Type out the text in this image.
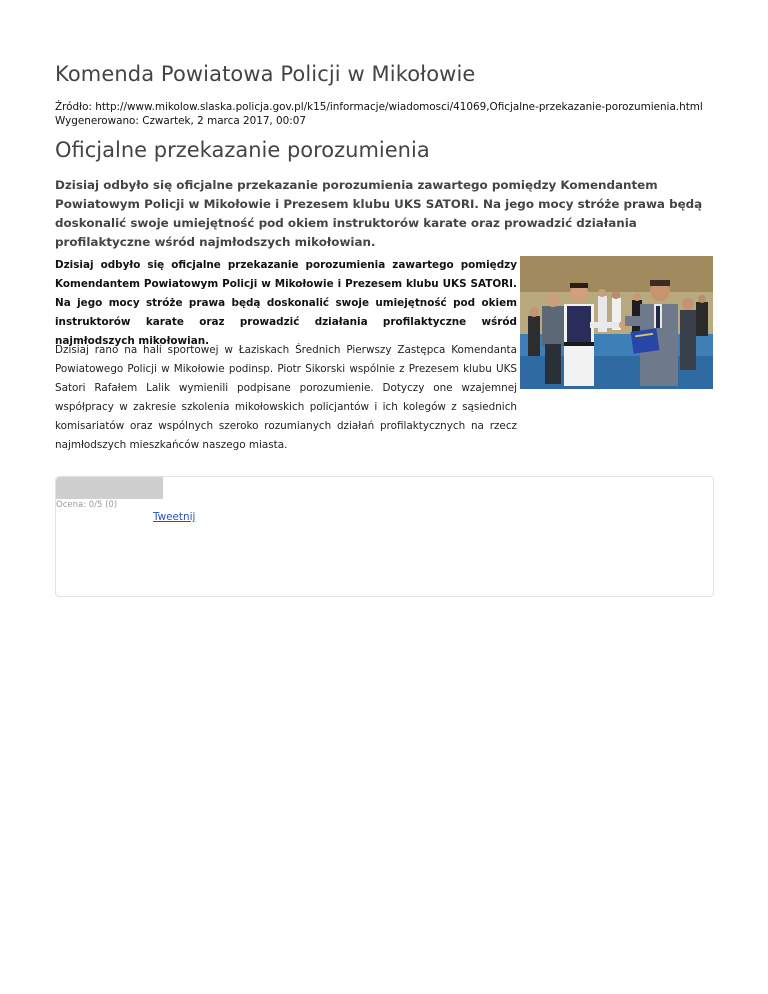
Komenda Powiatowa Policji w Mikołowie
Źródło: http://www.mikolow.slaska.policja.gov.pl/k15/informacje/wiadomosci/41069,Oficjalne-przekazanie-porozumienia.html
Wygenerowano: Czwartek, 2 marca 2017, 00:07
Oficjalne przekazanie porozumienia

Dzisiaj odbyło się oficjalne przekazanie porozumienia zawartego pomiędzy Komendantem Powiatowym Policji w Mikołowie i Prezesem klubu UKS SATORI. Na jego mocy stróże prawa będą doskonalić swoje umiejętność pod okiem instruktorów karate oraz prowadzić działania profilaktyczne wśród najmłodszych mikołowian.

Dzisiaj odbyło się oficjalne przekazanie porozumienia zawartego pomiędzy Komendantem Powiatowym Policji w Mikołowie i Prezesem klubu UKS SATORI. Na jego mocy stróże prawa będą doskonalić swoje umiejętność pod okiem instruktorów karate oraz prowadzić działania profilaktyczne wśród najmłodszych mikołowian.

Dzisiaj rano na hali sportowej w Łaziskach Średnich Pierwszy Zastępca Komendanta Powiatowego Policji w Mikołowie podinsp. Piotr Sikorski wspólnie z Prezesem klubu UKS Satori Rafałem Lalik wymienili podpisane porozumienie. Dotyczy one wzajemnej współpracy w zakresie szkolenia mikołowskich policjantów i ich kolegów z sąsiednich komisariatów oraz wspólnych szeroko rozumianych działań profilaktycznych na rzecz najmłodszych mieszkańców naszego miasta.

Ocena: 0/5 (0)
Tweetnij
